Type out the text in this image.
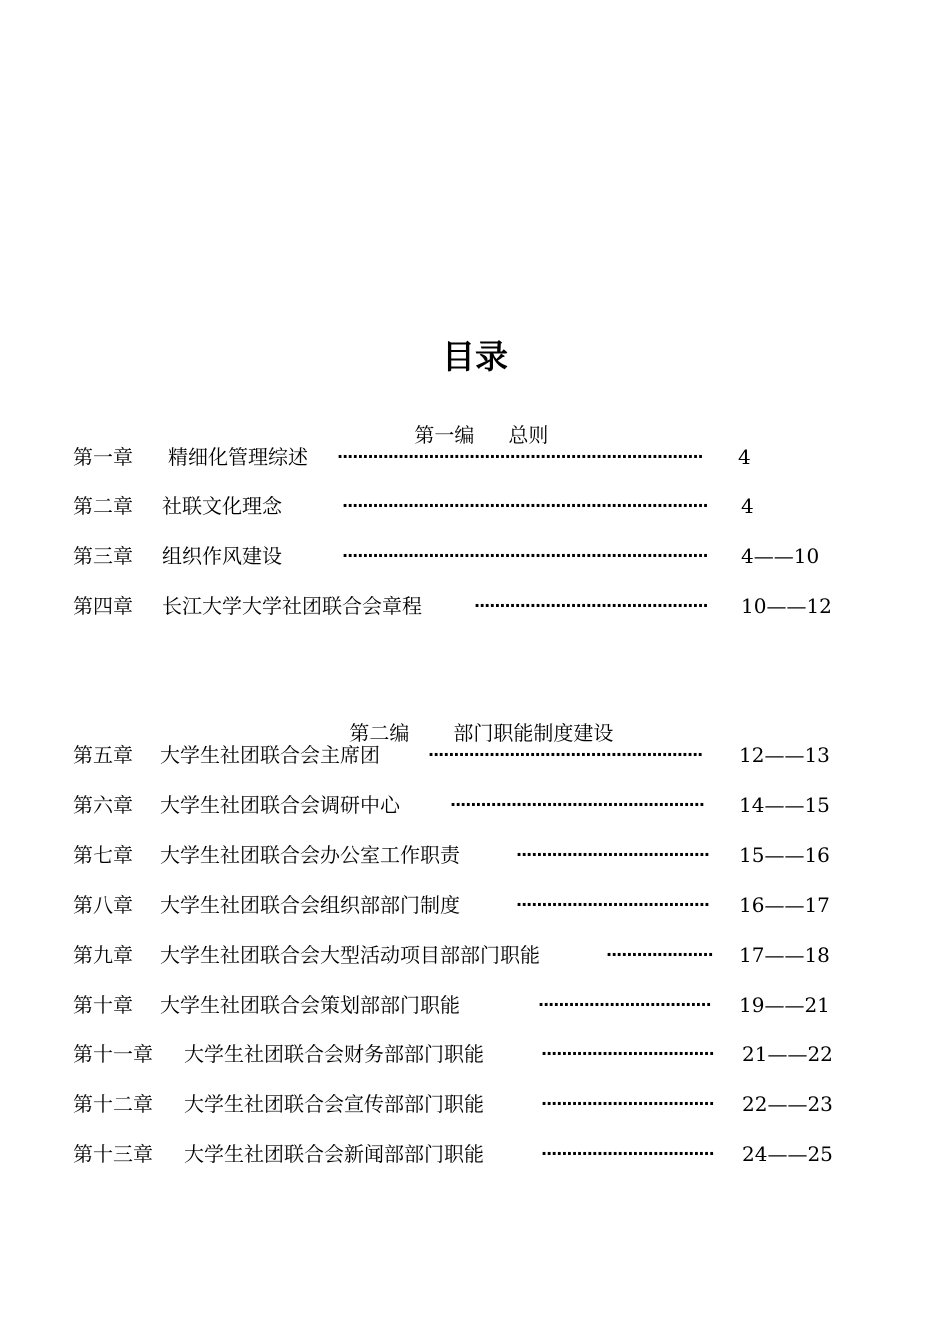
目录

第一编 总则

第二编 部门职能制度建设

第一章 精细化管理综述 ········································································	4
第二章 社联文化理念	········································································	4
第三章 组织作风建设	········································································	4——10
第四章 长江大学大学社团联合会章程	··············································	10——12
第五章 大学生社团联合会主席团	······················································	12——13
第六章 大学生社团联合会调研中心	··················································	14——15
第七章 大学生社团联合会办公室工作职责	······································	15——16
第八章 大学生社团联合会组织部部门制度	······································	16——17
第九章 大学生社团联合会大型活动项目部部门职能	····················· 17——18
第十章 大学生社团联合会策划部部门职能	·································· 19——21
第十一章 大学生社团联合会财务部部门职能	·································· 21——22
第十二章 大学生社团联合会宣传部部门职能	·································· 22——23
第十三章 大学生社团联合会新闻部部门职能	·································· 24——25
